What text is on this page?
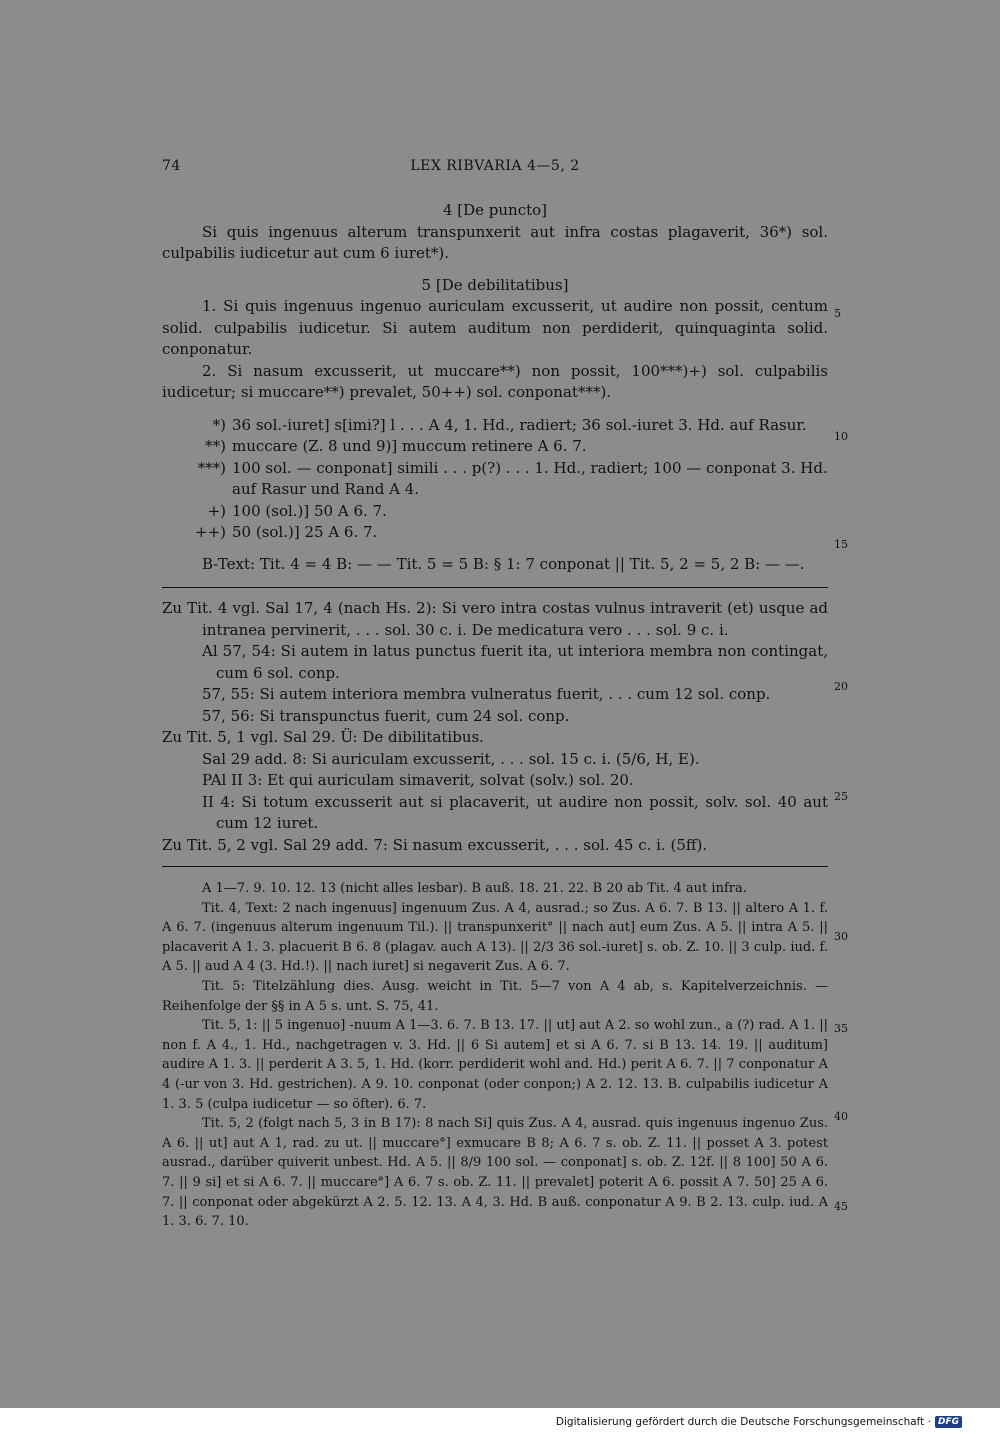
74	LEX RIBVARIA 4—5, 2

4 [De puncto]

Si quis ingenuus alterum transpunxerit aut infra costas plagaverit, 36*) sol. culpabilis iudicetur aut cum 6 iuret*).

5 [De debilitatibus]

1. Si quis ingenuus ingenuo auriculam excusserit, ut audire non possit, centum solid. culpabilis iudicetur. Si autem auditum non perdiderit, quinquaginta solid. conponatur.

2. Si nasum excusserit, ut muccare**) non possit, 100***)+) sol. culpabilis iudicetur; si muccare**) prevalet, 50++) sol. conponat***).

*) 36 sol.-iuret] s[imi?] l . . . A 4, 1. Hd., radiert; 36 sol.-iuret 3. Hd. auf Rasur.
**) muccare (Z. 8 und 9)] muccum retinere A 6. 7.
***) 100 sol. — conponat] simili . . . p(?) . . . 1. Hd., radiert; 100 — conponat 3. Hd. auf Rasur und Rand A 4.
+) 100 (sol.)] 50 A 6. 7.
++) 50 (sol.)] 25 A 6. 7.

B-Text: Tit. 4 = 4 B: — — Tit. 5 = 5 B: § 1: 7 conponat || Tit. 5, 2 = 5, 2 B: — —.

Zu Tit. 4 vgl. Sal 17, 4 (nach Hs. 2): Si vero intra costas vulnus intraverit (et) usque ad intranea pervinerit, . . . sol. 30 c. i. De medicatura vero . . . sol. 9 c. i.

Al 57, 54: Si autem in latus punctus fuerit ita, ut interiora membra non contingat, cum 6 sol. conp.

57, 55: Si autem interiora membra vulneratus fuerit, . . . cum 12 sol. conp.

57, 56: Si transpunctus fuerit, cum 24 sol. conp.

Zu Tit. 5, 1 vgl. Sal 29. Ü: De dibilitatibus.

Sal 29 add. 8: Si auriculam excusserit, . . . sol. 15 c. i. (5/6, H, E).

PAl II 3: Et qui auriculam simaverit, solvat (solv.) sol. 20.

II 4: Si totum excusserit aut si placaverit, ut audire non possit, solv. sol. 40 aut cum 12 iuret.

Zu Tit. 5, 2 vgl. Sal 29 add. 7: Si nasum excusserit, . . . sol. 45 c. i. (5ff).

A 1—7. 9. 10. 12. 13 (nicht alles lesbar). B auß. 18. 21. 22. B 20 ab Tit. 4 aut infra.

Tit. 4, Text: 2 nach ingenuus] ingenuum Zus. A 4, ausrad.; so Zus. A 6. 7. B 13. || altero A 1. f. A 6. 7. (ingenuus alterum ingenuum Til.). || transpunxerit° || nach aut] eum Zus. A 5. || intra A 5. || placaverit A 1. 3. placuerit B 6. 8 (plagav. auch A 13). || 2/3 36 sol.-iuret] s. ob. Z. 10. || 3 culp. iud. f. A 5. || aud A 4 (3. Hd.!). || nach iuret] si negaverit Zus. A 6. 7.

Tit. 5: Titelzählung dies. Ausg. weicht in Tit. 5—7 von A 4 ab, s. Kapitelverzeichnis. — Reihenfolge der §§ in A 5 s. unt. S. 75, 41.

Tit. 5, 1: || 5 ingenuo] -nuum A 1—3. 6. 7. B 13. 17. || ut] aut A 2. so wohl zun., a (?) rad. A 1. || non f. A 4., 1. Hd., nachgetragen v. 3. Hd. || 6 Si autem] et si A 6. 7. si B 13. 14. 19. || auditum] audire A 1. 3. || perderit A 3. 5, 1. Hd. (korr. perdiderit wohl and. Hd.) perit A 6. 7. || 7 conponatur A 4 (-ur von 3. Hd. gestrichen). A 9. 10. conponat (oder conpon;) A 2. 12. 13. B. culpabilis iudicetur A 1. 3. 5 (culpa iudicetur — so öfter). 6. 7.

Tit. 5, 2 (folgt nach 5, 3 in B 17): 8 nach Si] quis Zus. A 4, ausrad. quis ingenuus ingenuo Zus. A 6. || ut] aut A 1, rad. zu ut. || muccare°] exmucare B 8; A 6. 7 s. ob. Z. 11. || posset A 3. potest ausrad., darüber quiverit unbest. Hd. A 5. || 8/9 100 sol. — conponat] s. ob. Z. 12f. || 8 100] 50 A 6. 7. || 9 si] et si A 6. 7. || muccare°] A 6. 7 s. ob. Z. 11. || prevalet] poterit A 6. possit A 7. 50] 25 A 6. 7. || conponat oder abgekürzt A 2. 5. 12. 13. A 4, 3. Hd. B auß. conponatur A 9. B 2. 13. culp. iud. A 1. 3. 6. 7. 10.

5
10
15
20
25
30
35
40
45
Digitalisierung gefördert durch die Deutsche Forschungsgemeinschaft · DFG
